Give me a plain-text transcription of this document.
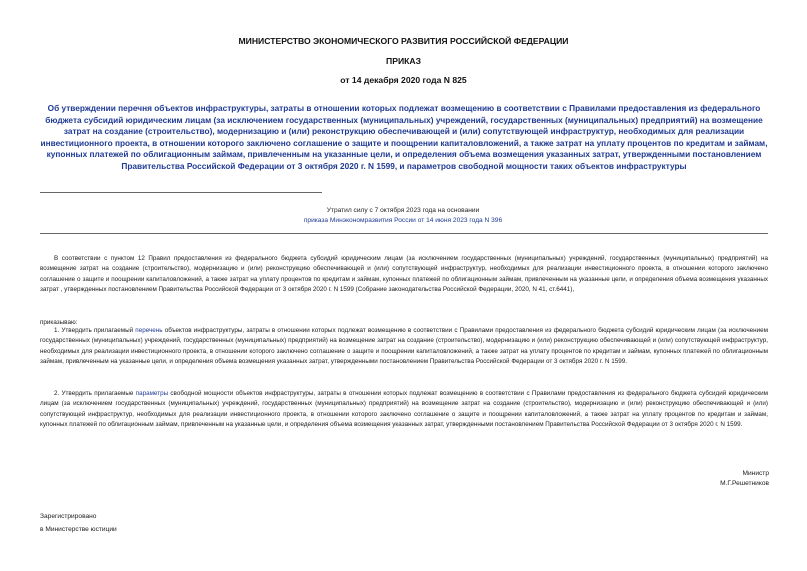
МИНИСТЕРСТВО ЭКОНОМИЧЕСКОГО РАЗВИТИЯ РОССИЙСКОЙ ФЕДЕРАЦИИ
ПРИКАЗ
от 14 декабря 2020 года N 825
Об утверждении перечня объектов инфраструктуры, затраты в отношении которых подлежат возмещению в соответствии с Правилами предоставления из федерального бюджета субсидий юридическим лицам (за исключением государственных (муниципальных) учреждений, государственных (муниципальных) предприятий) на возмещение затрат на создание (строительство), модернизацию и (или) реконструкцию обеспечивающей и (или) сопутствующей инфраструктур, необходимых для реализации инвестиционного проекта, в отношении которого заключено соглашение о защите и поощрении капиталовложений, а также затрат на уплату процентов по кредитам и займам, купонных платежей по облигационным займам, привлеченным на указанные цели, и определения объема возмещения указанных затрат, утвержденными постановлением Правительства Российской Федерации от 3 октября 2020 г. N 1599, и параметров свободной мощности таких объектов инфраструктуры
Утратил силу с 7 октября 2023 года на основании
приказа Минэкономразвития России от 14 июня 2023 года N 396
В соответствии с пунктом 12 Правил предоставления из федерального бюджета субсидий юридическим лицам (за исключением государственных (муниципальных) учреждений, государственных (муниципальных) предприятий) на возмещение затрат на создание (строительство), модернизацию и (или) реконструкцию обеспечивающей и (или) сопутствующей инфраструктур, необходимых для реализации инвестиционного проекта, в отношении которого заключено соглашение о защите и поощрении капиталовложений, а также затрат на уплату процентов по кредитам и займам, купонных платежей по облигационным займам, привлеченным на указанные цели, и определения объема возмещения указанных затрат , утвержденных постановлением Правительства Российской Федерации от 3 октября 2020 г. N 1599 (Собрание законодательства Российской Федерации, 2020, N 41, ст.6441),
приказываю:
1. Утвердить прилагаемый перечень объектов инфраструктуры, затраты в отношении которых подлежат возмещению в соответствии с Правилами предоставления из федерального бюджета субсидий юридическим лицам (за исключением государственных (муниципальных) учреждений, государственных (муниципальных) предприятий) на возмещение затрат на создание (строительство), модернизацию и (или) реконструкцию обеспечивающей и (или) сопутствующей инфраструктур, необходимых для реализации инвестиционного проекта, в отношении которого заключено соглашение о защите и поощрении капиталовложений, а также затрат на уплату процентов по кредитам и займам, купонных платежей по облигационным займам, привлеченным на указанные цели, и определения объема возмещения указанных затрат, утвержденными постановлением Правительства Российской Федерации от 3 октября 2020 г. N 1599.
2. Утвердить прилагаемые параметры свободной мощности объектов инфраструктуры, затраты в отношении которых подлежат возмещению в соответствии с Правилами предоставления из федерального бюджета субсидий юридическим лицам (за исключением государственных (муниципальных) учреждений, государственных (муниципальных) предприятий) на возмещение затрат на создание (строительство), модернизацию и (или) реконструкцию обеспечивающей и (или) сопутствующей инфраструктур, необходимых для реализации инвестиционного проекта, в отношении которого заключено соглашение о защите и поощрении капиталовложений, а также затрат на уплату процентов по кредитам и займам, купонных платежей по облигационным займам, привлеченным на указанные цели, и определения объема возмещения указанных затрат, утвержденными постановлением Правительства Российской Федерации от 3 октября 2020 г. N 1599.
Министр
М.Г.Решетников
Зарегистрировано
в Министерстве юстиции
